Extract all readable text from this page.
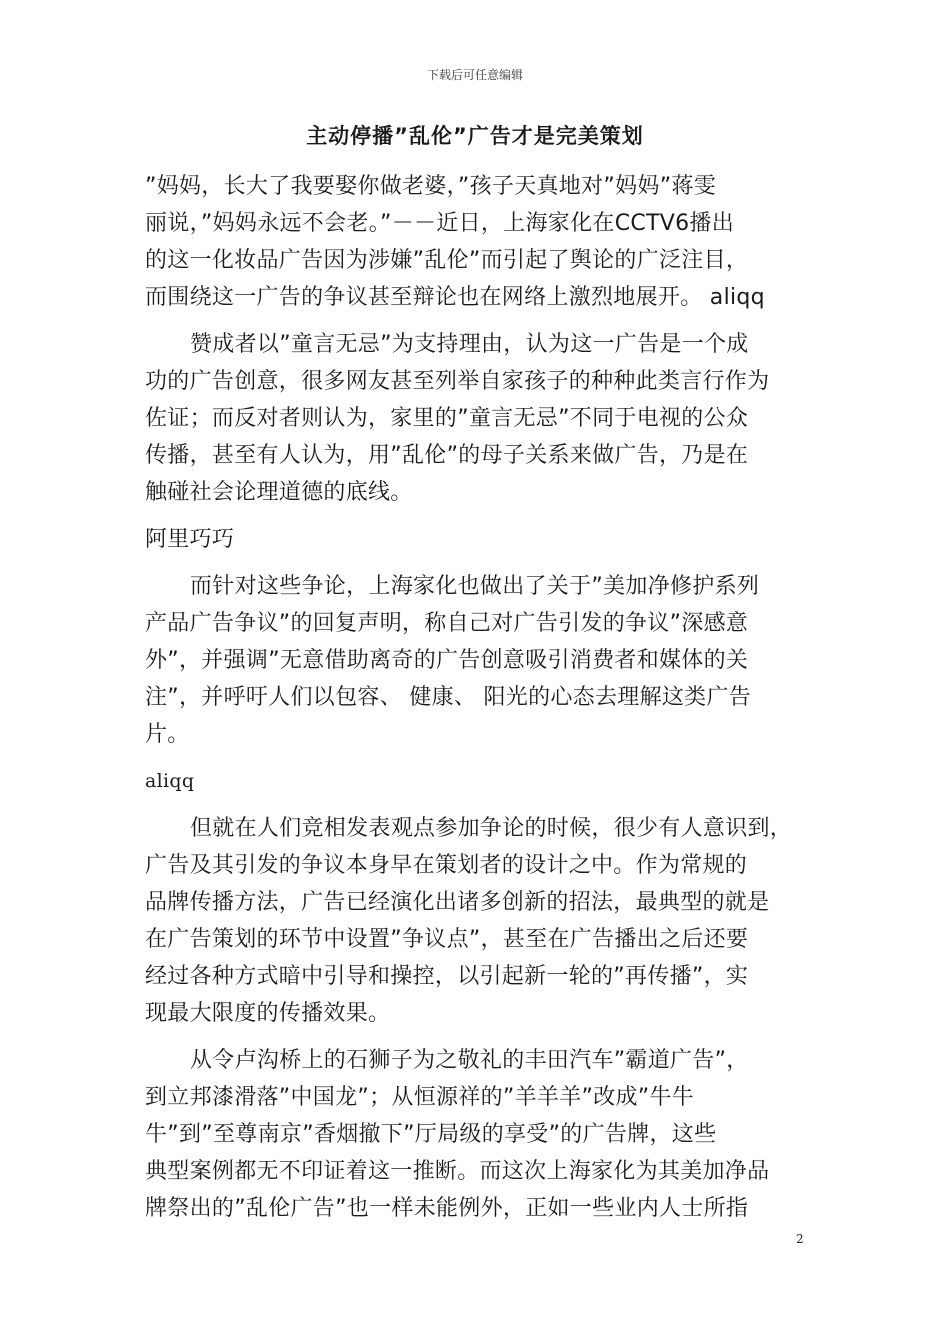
下载后可任意编辑
主动停播”乱伦”广告才是完美策划
”妈妈，长大了我要娶你做老婆，”孩子天真地对”妈妈”蒋雯
丽说，”妈妈永远不会老。”－－近日，上海家化在CCTV6播出
的这一化妆品广告因为涉嫌”乱伦”而引起了舆论的广泛注目，
而围绕这一广告的争议甚至辩论也在网络上激烈地展开。 aliqq
赞成者以”童言无忌”为支持理由，认为这一广告是一个成
功的广告创意，很多网友甚至列举自家孩子的种种此类言行作为
佐证；而反对者则认为，家里的”童言无忌”不同于电视的公众
传播，甚至有人认为，用”乱伦”的母子关系来做广告，乃是在
触碰社会论理道德的底线。
阿里巧巧
而针对这些争论，上海家化也做出了关于”美加净修护系列
产品广告争议”的回复声明，称自己对广告引发的争议”深感意
外”，并强调”无意借助离奇的广告创意吸引消费者和媒体的关
注”，并呼吁人们以包容、 健康、 阳光的心态去理解这类广告
片。
aliqq
但就在人们竞相发表观点参加争论的时候，很少有人意识到，
广告及其引发的争议本身早在策划者的设计之中。作为常规的
品牌传播方法，广告已经演化出诸多创新的招法，最典型的就是
在广告策划的环节中设置”争议点”，甚至在广告播出之后还要
经过各种方式暗中引导和操控，以引起新一轮的”再传播”，实
现最大限度的传播效果。
从令卢沟桥上的石狮子为之敬礼的丰田汽车”霸道广告”，
到立邦漆滑落”中国龙”；从恒源祥的”羊羊羊”改成”牛牛
牛”到”至尊南京”香烟撤下”厅局级的享受”的广告牌，这些
典型案例都无不印证着这一推断。而这次上海家化为其美加净品
牌祭出的”乱伦广告”也一样未能例外，正如一些业内人士所指
2
